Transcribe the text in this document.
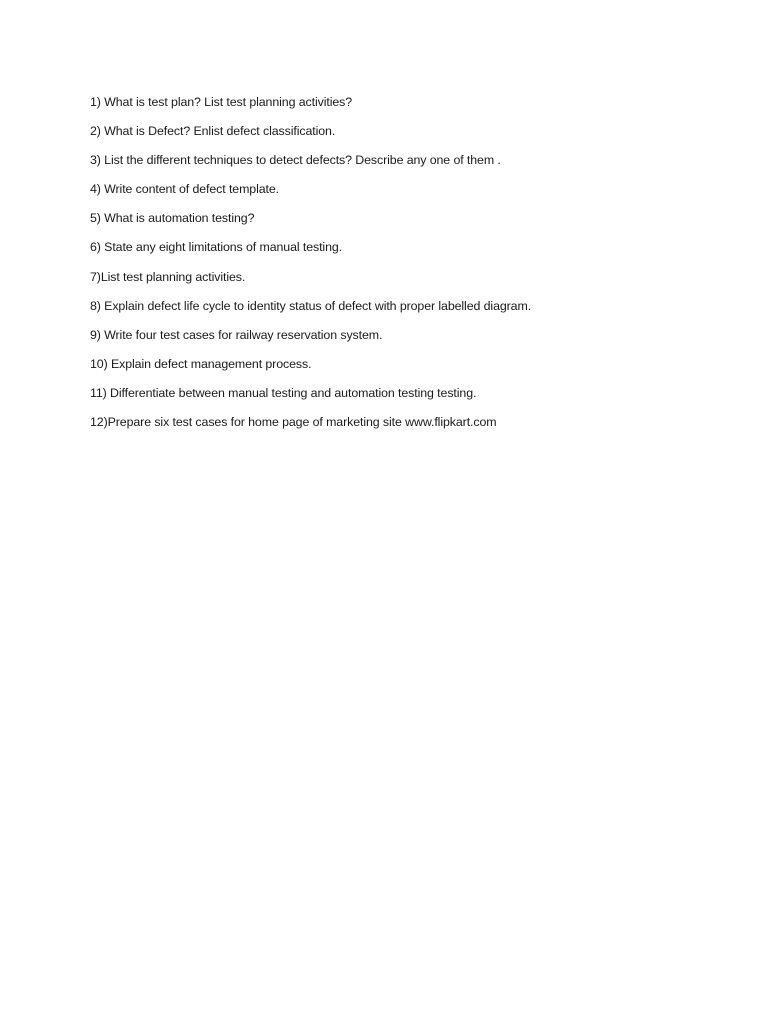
1) What is test plan? List test planning activities?
2) What is Defect? Enlist defect classification.
3) List the different techniques to detect defects? Describe any one of them .
4) Write content of defect template.
5) What is automation testing?
6) State any eight limitations of manual testing.
7)List test planning activities.
8) Explain defect life cycle to identity status of defect with proper labelled diagram.
9) Write four test cases for railway reservation system.
10) Explain defect management process.
11) Differentiate between manual testing and automation testing testing.
12)Prepare six test cases for home page of marketing site www.flipkart.com
